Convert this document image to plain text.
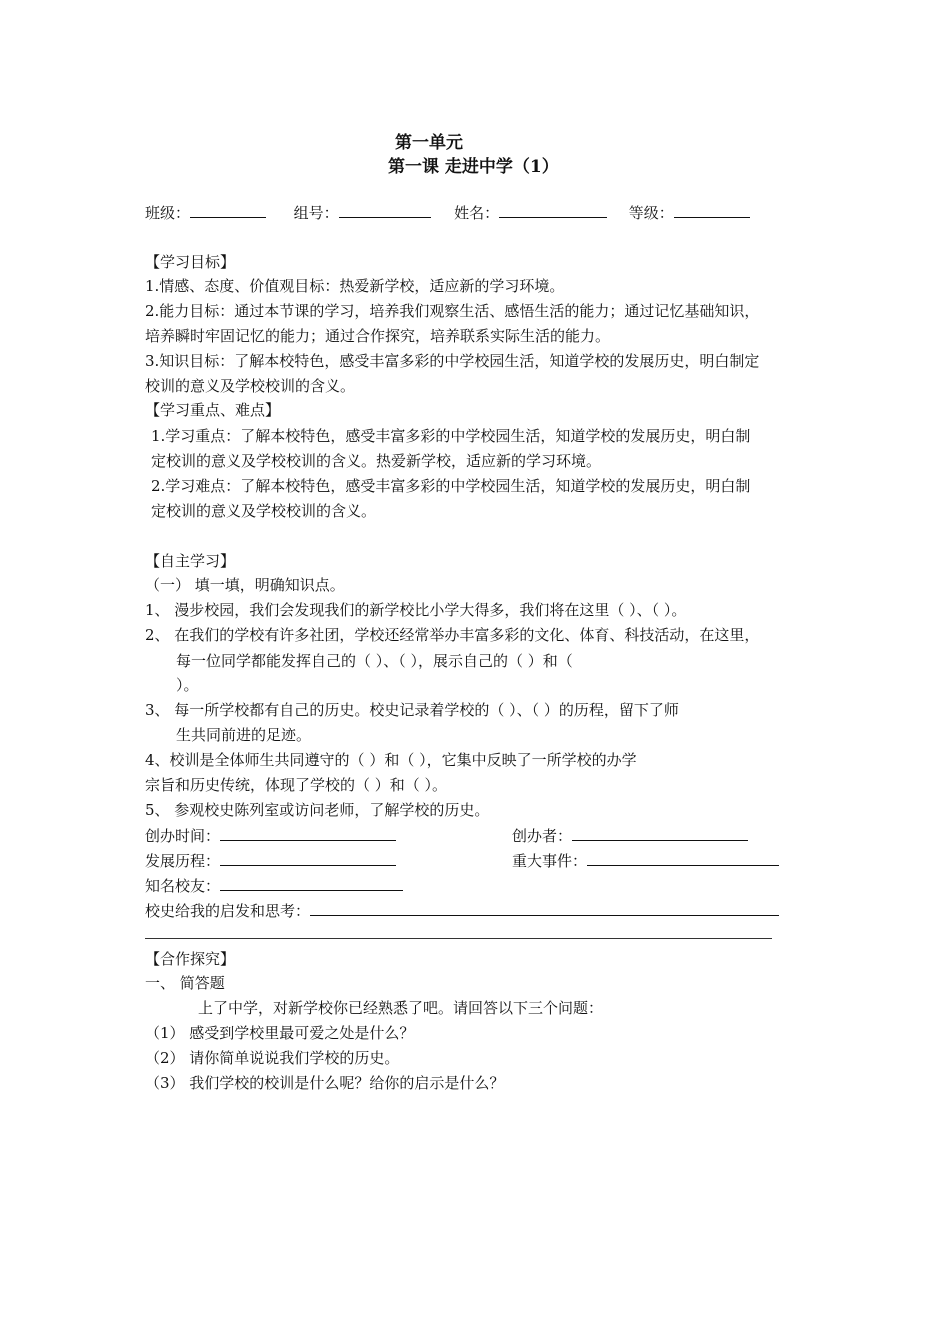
第一单元
第一课 走进中学（1）
班级：	组号：	姓名：	等级：
【学习目标】
1.情感、态度、价值观目标：热爱新学校，适应新的学习环境。
2.能力目标：通过本节课的学习，培养我们观察生活、感悟生活的能力；通过记忆基础知识，
培养瞬时牢固记忆的能力；通过合作探究，培养联系实际生活的能力。
3.知识目标：了解本校特色，感受丰富多彩的中学校园生活，知道学校的发展历史，明白制定
校训的意义及学校校训的含义。
【学习重点、难点】
1.学习重点：了解本校特色，感受丰富多彩的中学校园生活，知道学校的发展历史，明白制
定校训的意义及学校校训的含义。热爱新学校，适应新的学习环境。
2.学习难点：了解本校特色，感受丰富多彩的中学校园生活，知道学校的发展历史，明白制
定校训的意义及学校校训的含义。
【自主学习】
（一） 填一填，明确知识点。
1、 漫步校园，我们会发现我们的新学校比小学大得多，我们将在这里（ ）、（ ）。
2、 在我们的学校有许多社团，学校还经常举办丰富多彩的文化、体育、科技活动，在这里，
每一位同学都能发挥自己的（ ）、（ ），展示自己的（ ）和（
）。
3、 每一所学校都有自己的历史。校史记录着学校的（ ）、（ ）的历程，留下了师
生共同前进的足迹。
4、校训是全体师生共同遵守的（ ）和（ ），它集中反映了一所学校的办学
宗旨和历史传统，体现了学校的（ ）和（ ）。
5、 参观校史陈列室或访问老师，了解学校的历史。
创办时间：	创办者：
发展历程：	重大事件：
知名校友：
校史给我的启发和思考：
【合作探究】
一、 简答题
上了中学，对新学校你已经熟悉了吧。请回答以下三个问题：
（1） 感受到学校里最可爱之处是什么？
（2） 请你简单说说我们学校的历史。
（3） 我们学校的校训是什么呢？给你的启示是什么？
